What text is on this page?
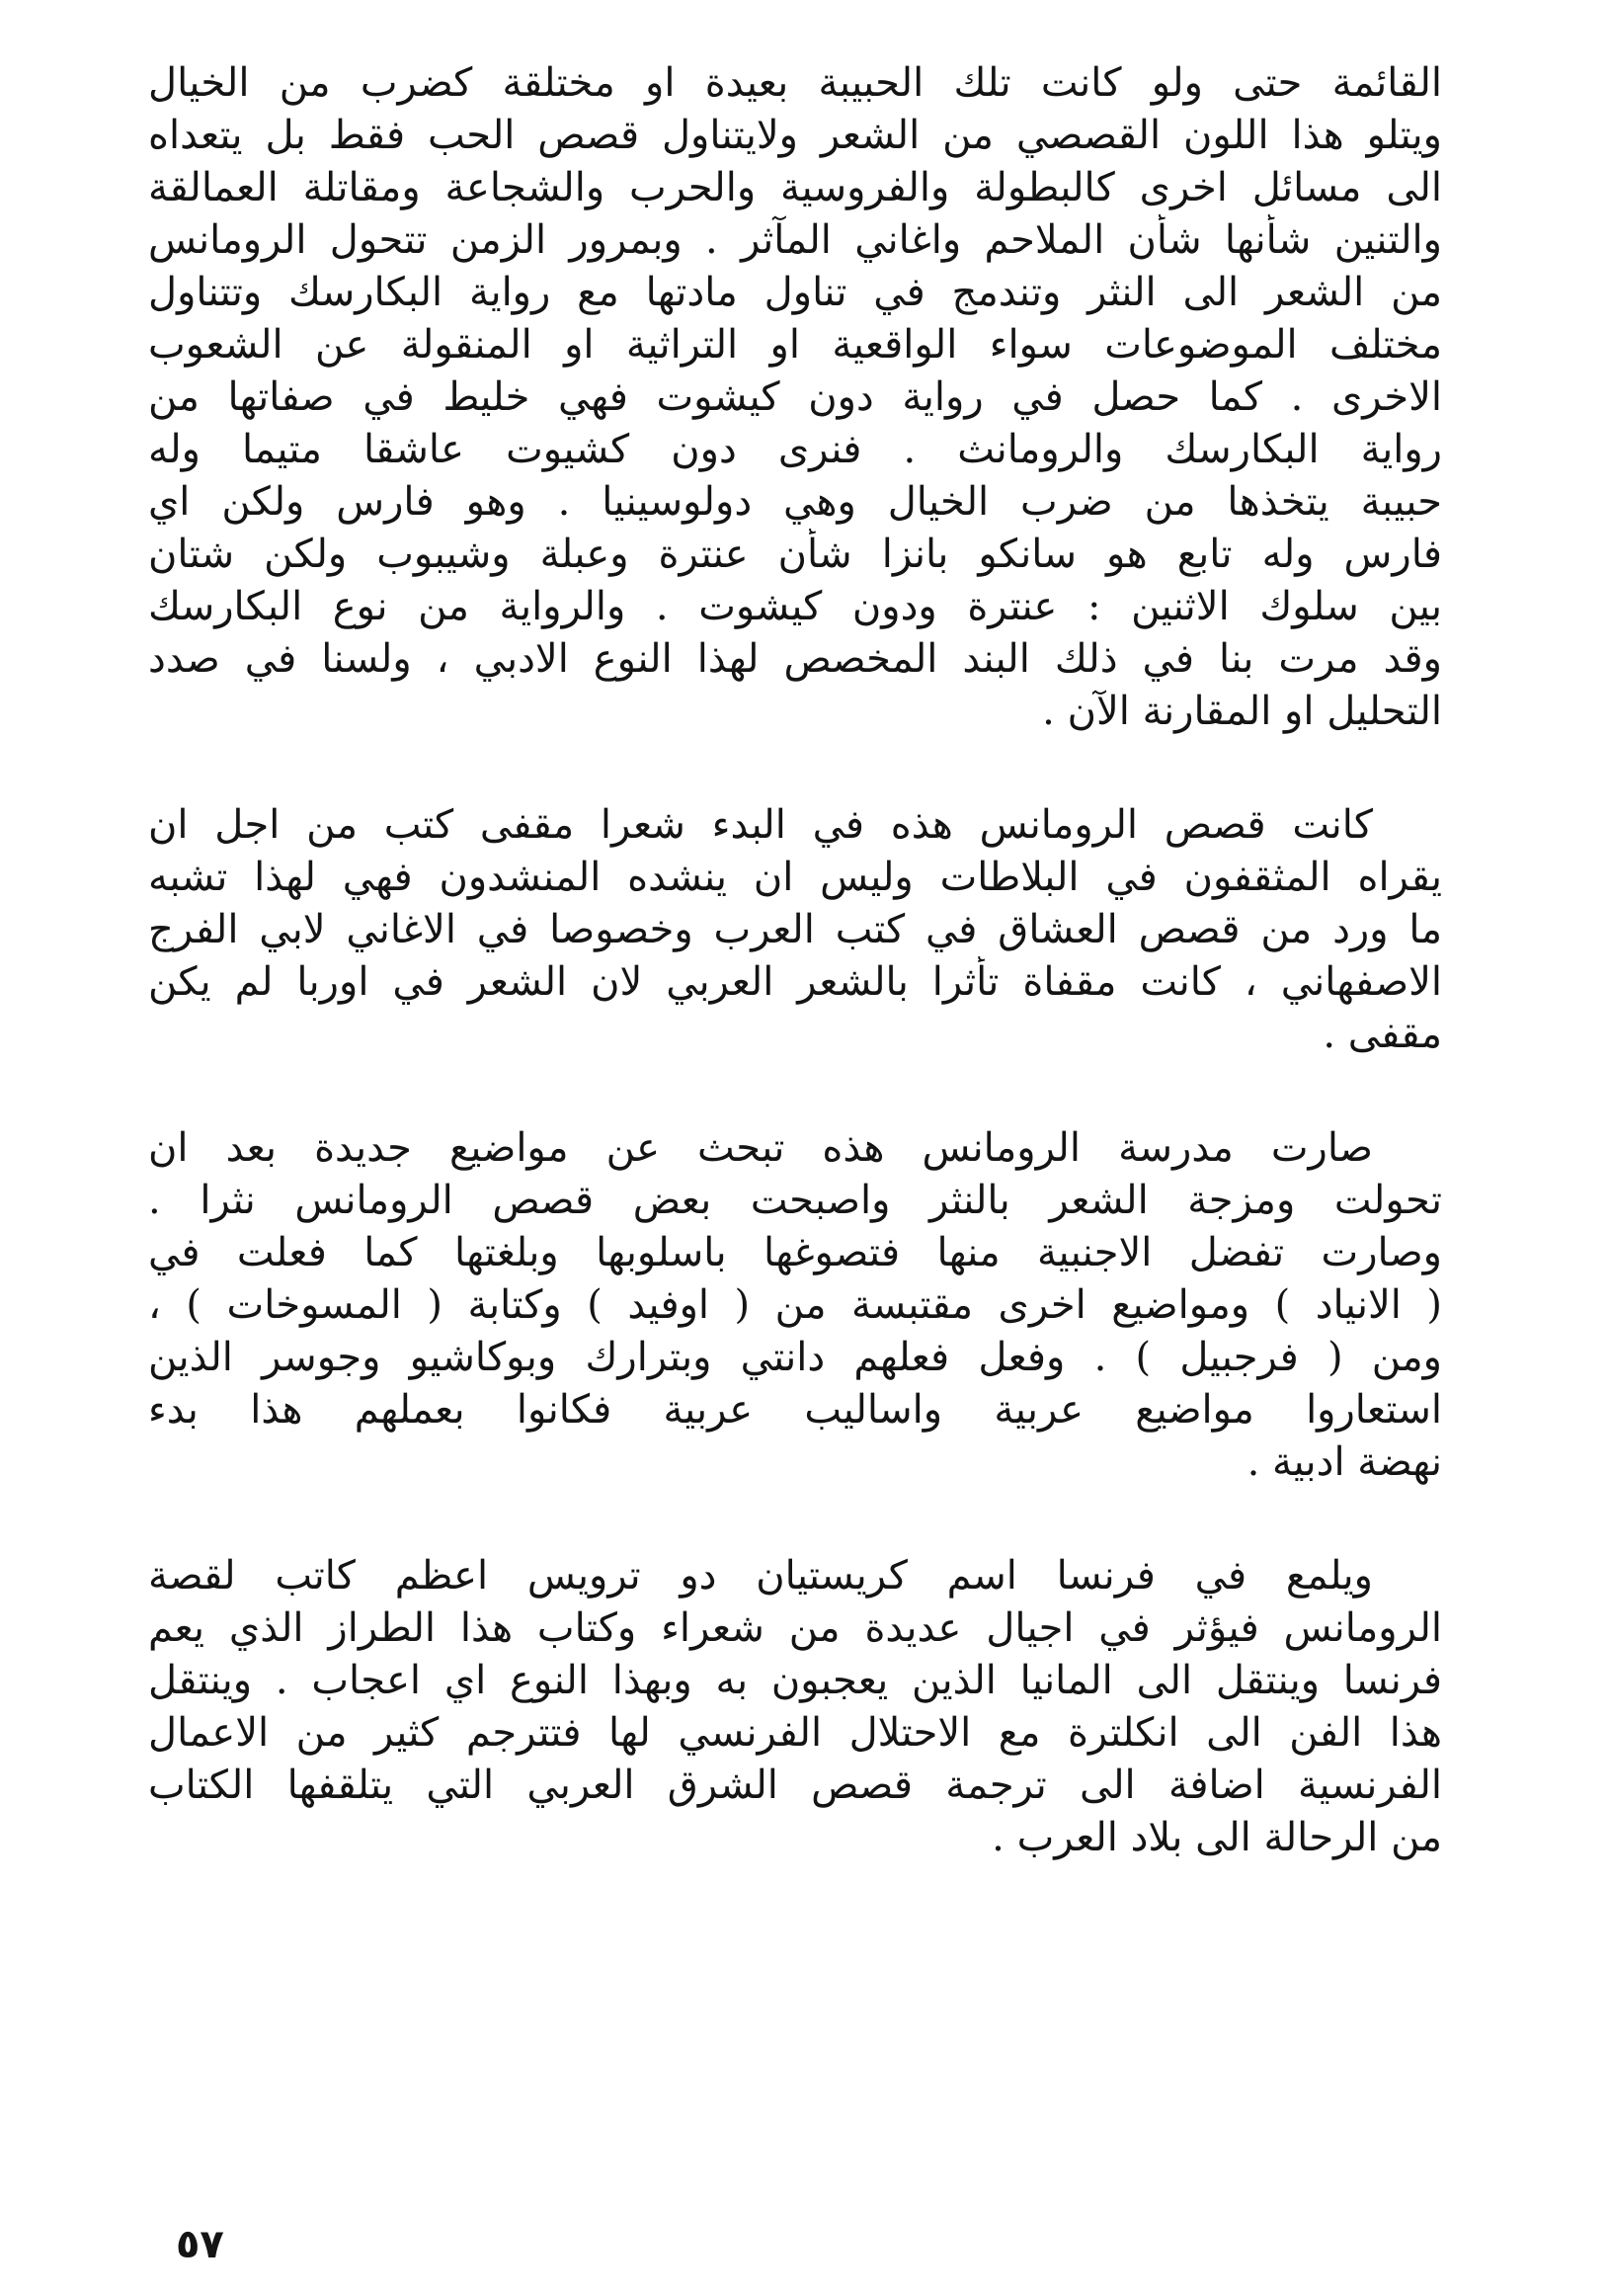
القائمة حتى ولو كانت تلك الحبيبة بعيدة او مختلقة كضرب من الخيال
ويتلو هذا اللون القصصي من الشعر ولايتناول قصص الحب فقط بل يتعداه
الى مسائل اخرى كالبطولة والفروسية والحرب والشجاعة ومقاتلة العمالقة
والتنين شأنها شأن الملاحم واغاني المآثر . وبمرور الزمن تتحول الرومانس
من الشعر الى النثر وتندمج في تناول مادتها مع رواية البكارسك وتتناول
مختلف الموضوعات سواء الواقعية او التراثية او المنقولة عن الشعوب
الاخرى . كما حصل في رواية دون كيشوت فهي خليط في صفاتها من
رواية البكارسك والرومانث . فنرى دون كشيوت عاشقا متيما وله
حبيبة يتخذها من ضرب الخيال وهي دولوسينيا . وهو فارس ولكن اي
فارس وله تابع هو سانكو بانزا شأن عنترة وعبلة وشيبوب ولكن شتان
بين سلوك الاثنين : عنترة ودون كيشوت . والرواية من نوع البكارسك
وقد مرت بنا في ذلك البند المخصص لهذا النوع الادبي ، ولسنا في صدد
التحليل او المقارنة الآن .

كانت قصص الرومانس هذه في البدء شعرا مقفى كتب من اجل ان
يقراه المثقفون في البلاطات وليس ان ينشده المنشدون فهي لهذا تشبه
ما ورد من قصص العشاق في كتب العرب وخصوصا في الاغاني لابي الفرج
الاصفهاني ، كانت مقفاة تأثرا بالشعر العربي لان الشعر في اوربا لم يكن
مقفى .

صارت مدرسة الرومانس هذه تبحث عن مواضيع جديدة بعد ان
تحولت ومزجة الشعر بالنثر واصبحت بعض قصص الرومانس نثرا .
وصارت تفضل الاجنبية منها فتصوغها باسلوبها وبلغتها كما فعلت في
( الانياد ) ومواضيع اخرى مقتبسة من ( اوفيد ) وكتابة ( المسوخات ) ،
ومن ( فرجبيل ) . وفعل فعلهم دانتي وبترارك وبوكاشيو وجوسر الذين
استعاروا مواضيع عربية واساليب عربية فكانوا بعملهم هذا بدء
نهضة ادبية .

ويلمع في فرنسا اسم كريستيان دو ترويس اعظم كاتب لقصة
الرومانس فيؤثر في اجيال عديدة من شعراء وكتاب هذا الطراز الذي يعم
فرنسا وينتقل الى المانيا الذين يعجبون به وبهذا النوع اي اعجاب . وينتقل
هذا الفن الى انكلترة مع الاحتلال الفرنسي لها فتترجم كثير من الاعمال
الفرنسية اضافة الى ترجمة قصص الشرق العربي التي يتلقفها الكتاب
من الرحالة الى بلاد العرب .

٥٧
